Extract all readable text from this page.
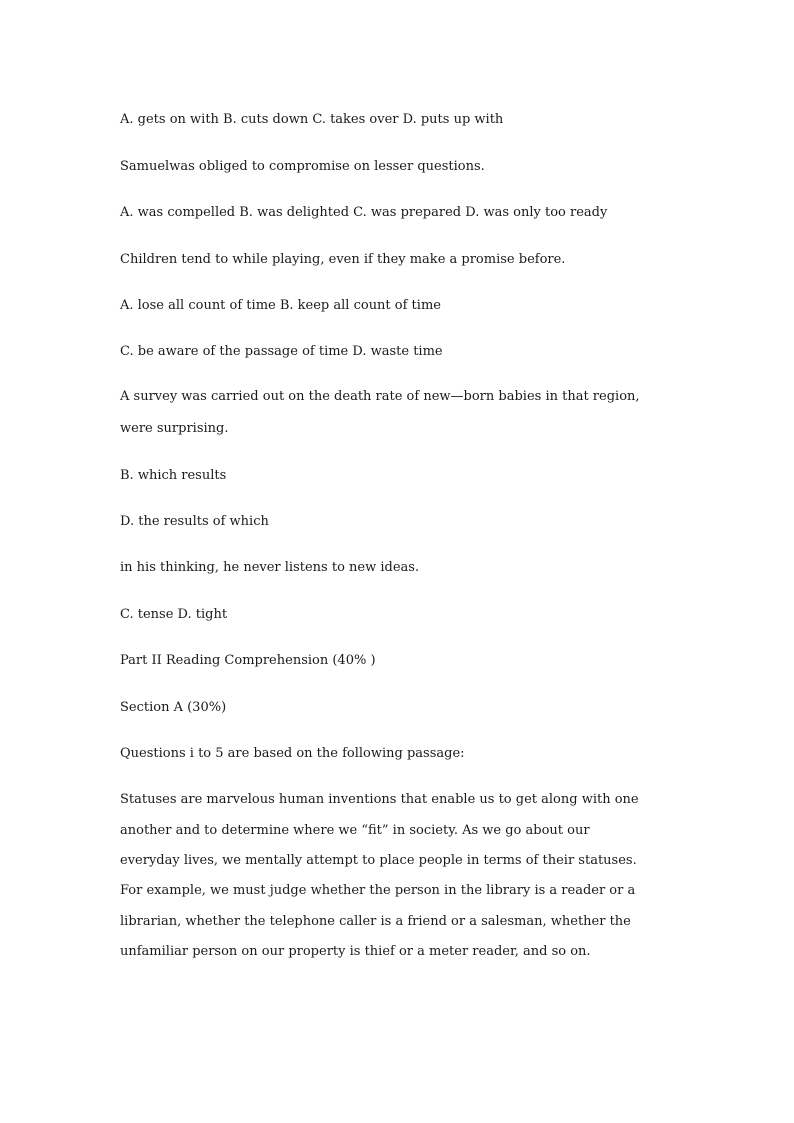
A. gets on with B. cuts down C. takes over D. puts up with
Samuelwas obliged to compromise on lesser questions.
A. was compelled B. was delighted C. was prepared D. was only too ready
Children tend to while playing, even if they make a promise before.
A. lose all count of time B. keep all count of time
C. be aware of the passage of time D. waste time
A survey was carried out on the death rate of new—born babies in that region,
were surprising.
B. which results
D. the results of which
in his thinking, he never listens to new ideas.
C. tense D. tight
Part II Reading Comprehension (40% )
Section A (30%)
Questions i to 5 are based on the following passage:
Statuses are marvelous human inventions that enable us to get along with one
another and to determine where we “fit” in society. As we go about our
everyday lives, we mentally attempt to place people in terms of their statuses.
For example, we must judge whether the person in the library is a reader or a
librarian, whether the telephone caller is a friend or a salesman, whether the
unfamiliar person on our property is thief or a meter reader, and so on.
